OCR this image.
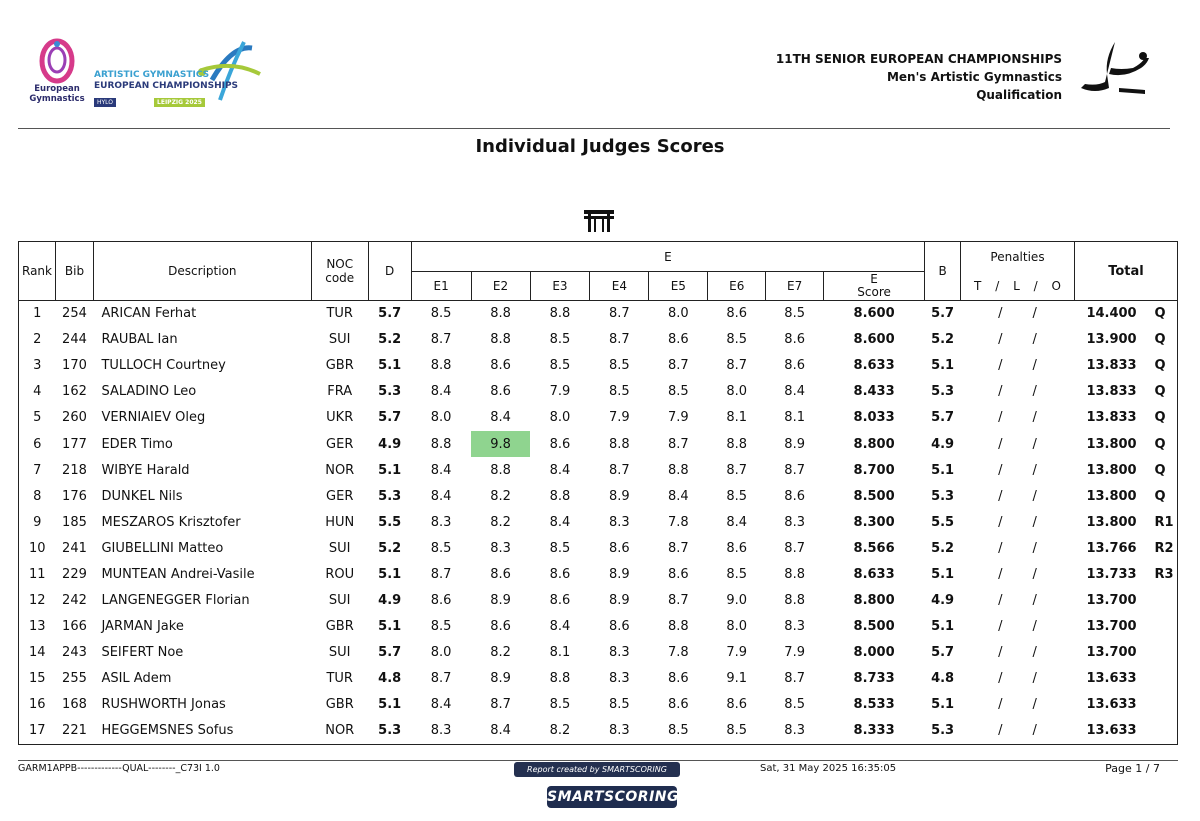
European Gymnastics
ARTISTIC GYMNASTICS
EUROPEAN CHAMPIONSHIPS
HYLO	LEIPZIG 2025
11TH SENIOR EUROPEAN CHAMPIONSHIPS
Men's Artistic Gymnastics
Qualification
Individual Judges Scores
Rank	Bib	Description	NOC code	D	E								B	Penalties	Total
					E1	E2	E3	E4	E5	E6	E7	E Score		T / L / O	

1	254	ARICAN Ferhat	TUR	5.7	8.5	8.8	8.8	8.7	8.0	8.6	8.5	8.600	5.7	/ /	14.400 Q
2	244	RAUBAL Ian	SUI	5.2	8.7	8.8	8.5	8.7	8.6	8.5	8.6	8.600	5.2	/ /	13.900 Q
3	170	TULLOCH Courtney	GBR	5.1	8.8	8.6	8.5	8.5	8.7	8.7	8.6	8.633	5.1	/ /	13.833 Q
4	162	SALADINO Leo	FRA	5.3	8.4	8.6	7.9	8.5	8.5	8.0	8.4	8.433	5.3	/ /	13.833 Q
5	260	VERNIAIEV Oleg	UKR	5.7	8.0	8.4	8.0	7.9	7.9	8.1	8.1	8.033	5.7	/ /	13.833 Q
6	177	EDER Timo	GER	4.9	8.8	9.8	8.6	8.8	8.7	8.8	8.9	8.800	4.9	/ /	13.800 Q
7	218	WIBYE Harald	NOR	5.1	8.4	8.8	8.4	8.7	8.8	8.7	8.7	8.700	5.1	/ /	13.800 Q
8	176	DUNKEL Nils	GER	5.3	8.4	8.2	8.8	8.9	8.4	8.5	8.6	8.500	5.3	/ /	13.800 Q
9	185	MESZAROS Krisztofer	HUN	5.5	8.3	8.2	8.4	8.3	7.8	8.4	8.3	8.300	5.5	/ /	13.800 R1
10	241	GIUBELLINI Matteo	SUI	5.2	8.5	8.3	8.5	8.6	8.7	8.6	8.7	8.566	5.2	/ /	13.766 R2
11	229	MUNTEAN Andrei-Vasile	ROU	5.1	8.7	8.6	8.6	8.9	8.6	8.5	8.8	8.633	5.1	/ /	13.733 R3
12	242	LANGENEGGER Florian	SUI	4.9	8.6	8.9	8.6	8.9	8.7	9.0	8.8	8.800	4.9	/ /	13.700
13	166	JARMAN Jake	GBR	5.1	8.5	8.6	8.4	8.6	8.8	8.0	8.3	8.500	5.1	/ /	13.700
14	243	SEIFERT Noe	SUI	5.7	8.0	8.2	8.1	8.3	7.8	7.9	7.9	8.000	5.7	/ /	13.700
15	255	ASIL Adem	TUR	4.8	8.7	8.9	8.8	8.3	8.6	9.1	8.7	8.733	4.8	/ /	13.633
16	168	RUSHWORTH Jonas	GBR	5.1	8.4	8.7	8.5	8.5	8.6	8.6	8.5	8.533	5.1	/ /	13.633
17	221	HEGGEMSNES Sofus	NOR	5.3	8.3	8.4	8.2	8.3	8.5	8.5	8.3	8.333	5.3	/ /	13.633
GARM1APPB-------------QUAL--------_C73I 1.0	Report created by SMARTSCORING
SMARTSCORING
Sat, 31 May 2025 16:35:05	Page 1 / 7
